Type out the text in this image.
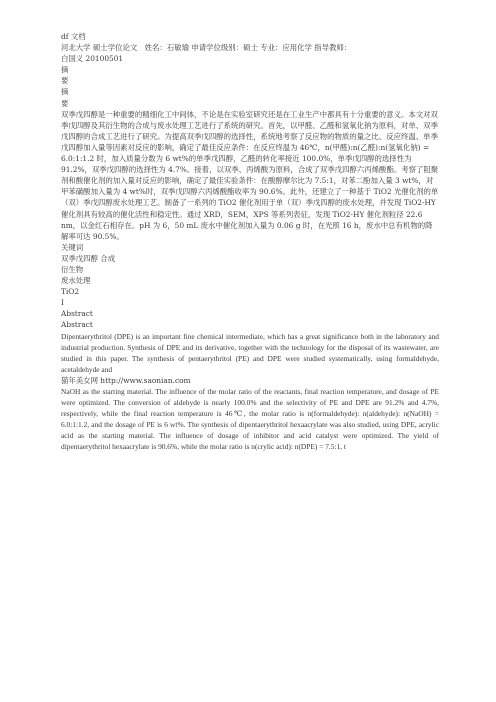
df 文档
河北大学 硕士学位论文　姓名：石敏瑜 申请学位级别：硕士 专业：应用化学 指导教师：
白国义 20100501
摘
要
摘
要
双季戊四醇是一种重要的精细化工中间体，不论是在实验室研究还是在工业生产中都具有十分重要的意义。本文对双季戊四醇及其衍生物的合成与废水处理工艺进行了系统的研究。首先，以甲醛、乙醛和氢氧化钠为原料，对单、双季戊四醇的合成工艺进行了研究。为提高双季戊四醇的选择性，系统地考察了反应物的物质的量之比、反应终温、单季戊四醇加入量等因素对反应的影响，确定了最佳反应条件：在反应终温为 46℃，n(甲醛):n(乙醛):n(氢氧化钠) = 6.0:1:1.2 时，加入质量分数为 6 wt%的单季戊四醇，乙醛的转化率接近 100.0%，单季戊四醇的选择性为 91.2%，双季戊四醇的选择性为 4.7%。接着，以双季、丙烯酸为原料，合成了双季戊四醇六丙烯酸酯。考察了阻聚剂和酸催化剂的加入量对反应的影响，确定了最佳实验条件：在酸醇摩尔比为 7.5:1，对苯二酚加入量 3 wt%，对甲苯磺酸加入量为 4 wt%时，双季戊四醇六丙烯酸酯收率为 90.6%。此外，还建立了一种基于 TiO2 光催化剂的单（双）季戊四醇废水处理工艺。制备了一系列的 TiO2 催化剂用于单（双）季戊四醇的废水处理，并发现 TiO2-HY 催化剂具有较高的催化活性和稳定性。通过 XRD，SEM，XPS 等系列表征，发现 TiO2-HY 催化剂粒径 22.6 nm，以金红石相存在。pH 为 6，50 mL 废水中催化剂加入量为 0.06 g 时，在光照 16 h，废水中总有机物的降解率可达 90.5%。
关键词
双季戊四醇 合成
衍生物
废水处理
TiO2
I
Abstract
Abstract
Dipentaerythritol (DPE) is an important fine chemical intermediate, which has a great significance both in the laboratory and industrial production. Synthesis of DPE and its derivative, together with the technology for the disposal of its wastewater, are studied in this paper. The synthesis of pentaerythritol (PE) and DPE were studied systematically, using formaldehyde, acetaldehyde and
猫年美女网 http://www.saonian.com
NaOH as the starting material. The influence of the molar ratio of the reactants, final reaction temperature, and dosage of PE were optimized. The conversion of aldehyde is nearly 100.0% and the selectivity of PE and DPE are 91.2% and 4.7%, respectively, while the final reaction temperature is 46℃, the molar ratio is n(formaldehyde): n(aldehyde): n(NaOH) = 6.0:1:1.2, and the dosage of PE is 6 wt%. The synthesis of dipentaerythritol hexaacrylate was also studied, using DPE, acrylic acid as the starting material. The influence of dosage of inhibitor and acid catalyst were optimized. The yield of dipentaerythritol hexaacrylate is 90.6%, while the molar ratio is n(crylic acid): n(DPE) = 7.5:1, t
